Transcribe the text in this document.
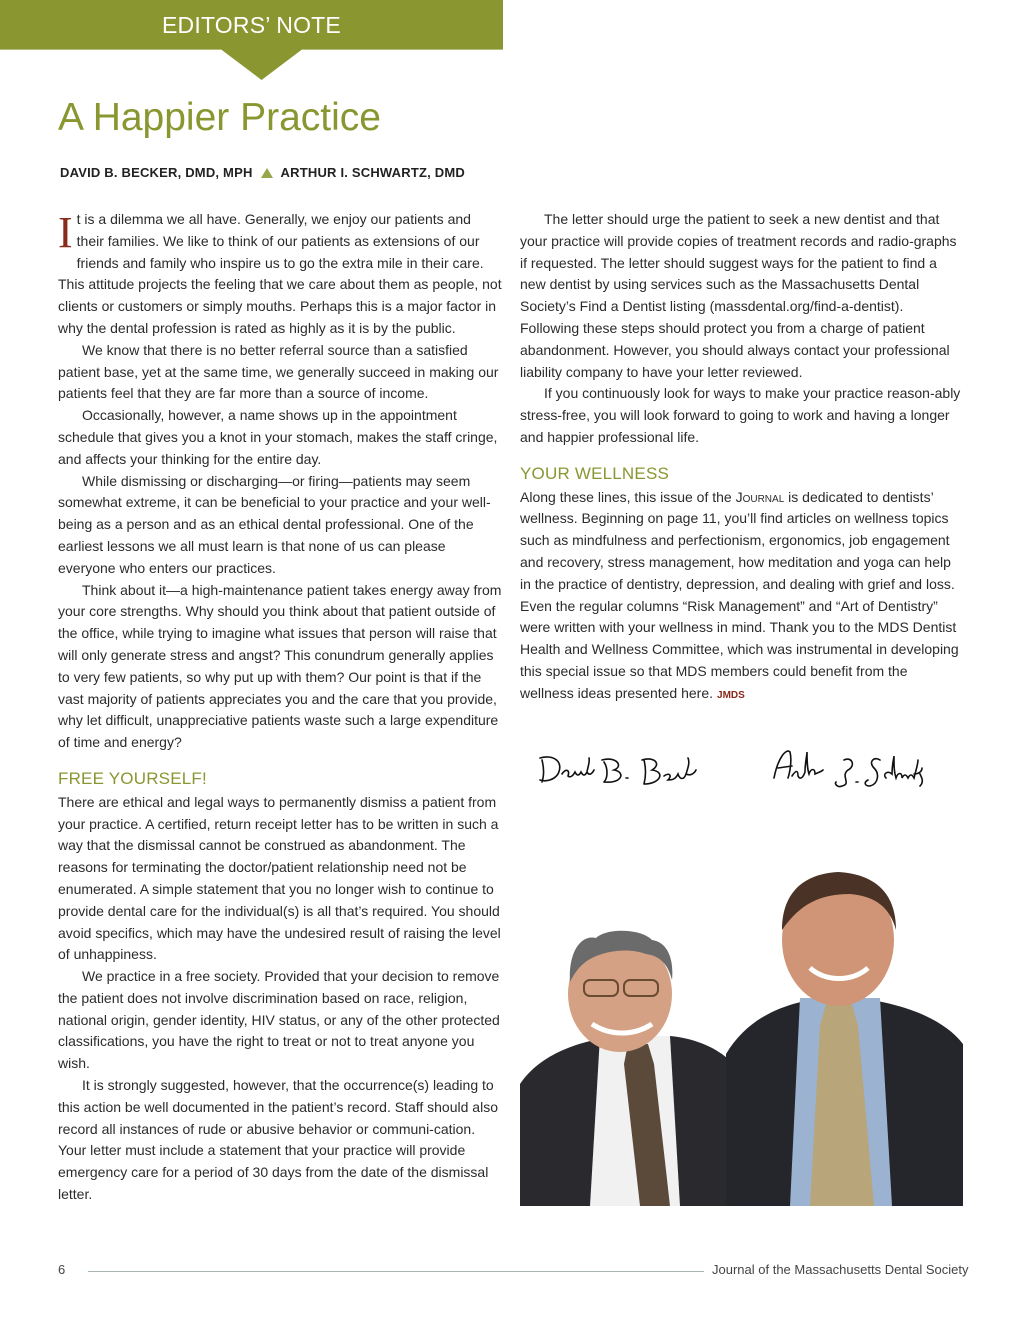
EDITORS’ NOTE
A Happier Practice
DAVID B. BECKER, DMD, MPH ARTHUR I. SCHWARTZ, DMD

It is a dilemma we all have. Generally, we enjoy our patients and their families. We like to think of our patients as extensions of our friends and family who inspire us to go the extra mile in their care. This attitude projects the feeling that we care about them as people, not clients or customers or simply mouths. Perhaps this is a major factor in why the dental profession is rated as highly as it is by the public.

We know that there is no better referral source than a satisfied patient base, yet at the same time, we generally succeed in making our patients feel that they are far more than a source of income.

Occasionally, however, a name shows up in the appointment schedule that gives you a knot in your stomach, makes the staff cringe, and affects your thinking for the entire day.

While dismissing or discharging—or firing—patients may seem somewhat extreme, it can be beneficial to your practice and your well-being as a person and as an ethical dental professional. One of the earliest lessons we all must learn is that none of us can please everyone who enters our practices.

Think about it—a high-maintenance patient takes energy away from your core strengths. Why should you think about that patient outside of the office, while trying to imagine what issues that person will raise that will only generate stress and angst? This conundrum generally applies to very few patients, so why put up with them? Our point is that if the vast majority of patients appreciates you and the care that you provide, why let difficult, unappreciative patients waste such a large expenditure of time and energy?

FREE YOURSELF!

There are ethical and legal ways to permanently dismiss a patient from your practice. A certified, return receipt letter has to be written in such a way that the dismissal cannot be construed as abandonment. The reasons for terminating the doctor/patient relationship need not be enumerated. A simple statement that you no longer wish to continue to provide dental care for the individual(s) is all that’s required. You should avoid specifics, which may have the undesired result of raising the level of unhappiness.

We practice in a free society. Provided that your decision to remove the patient does not involve discrimination based on race, religion, national origin, gender identity, HIV status, or any of the other protected classifications, you have the right to treat or not to treat anyone you wish.

It is strongly suggested, however, that the occurrence(s) leading to this action be well documented in the patient’s record. Staff should also record all instances of rude or abusive behavior or communi-cation. Your letter must include a statement that your practice will provide emergency care for a period of 30 days from the date of the dismissal letter.

The letter should urge the patient to seek a new dentist and that your practice will provide copies of treatment records and radio-graphs if requested. The letter should suggest ways for the patient to find a new dentist by using services such as the Massachusetts Dental Society’s Find a Dentist listing (massdental.org/find-a-dentist). Following these steps should protect you from a charge of patient abandonment. However, you should always contact your professional liability company to have your letter reviewed.

If you continuously look for ways to make your practice reason-ably stress-free, you will look forward to going to work and having a longer and happier professional life.

YOUR WELLNESS

Along these lines, this issue of the Journal is dedicated to dentists’ wellness. Beginning on page 11, you’ll find articles on wellness topics such as mindfulness and perfectionism, ergonomics, job engagement and recovery, stress management, how meditation and yoga can help in the practice of dentistry, depression, and dealing with grief and loss. Even the regular columns “Risk Management” and “Art of Dentistry” were written with your wellness in mind. Thank you to the MDS Dentist Health and Wellness Committee, which was instrumental in developing this special issue so that MDS members could benefit from the wellness ideas presented here. JMDS

David B. Becker	Arthur I. Schwartz
6	Journal of the Massachusetts Dental Society
